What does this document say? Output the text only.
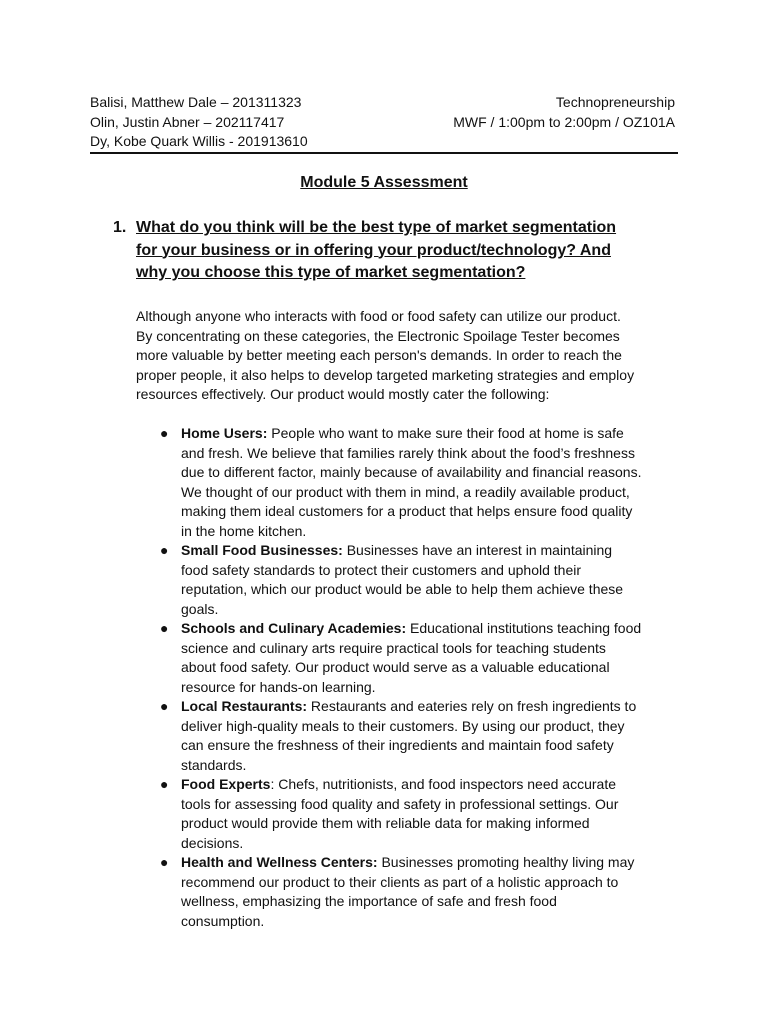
Balisi, Matthew Dale – 201311323
Olin, Justin Abner – 202117417
Dy, Kobe Quark Willis - 201913610
Technopreneurship
MWF / 1:00pm to 2:00pm / OZ101A
Module 5 Assessment
1. What do you think will be the best type of market segmentation
for your business or in offering your product/technology? And
why you choose this type of market segmentation?
Although anyone who interacts with food or food safety can utilize our product.
By concentrating on these categories, the Electronic Spoilage Tester becomes
more valuable by better meeting each person's demands. In order to reach the
proper people, it also helps to develop targeted marketing strategies and employ
resources effectively. Our product would mostly cater the following:
● Home Users: People who want to make sure their food at home is safe
and fresh. We believe that families rarely think about the food’s freshness
due to different factor, mainly because of availability and financial reasons.
We thought of our product with them in mind, a readily available product,
making them ideal customers for a product that helps ensure food quality
in the home kitchen.
● Small Food Businesses: Businesses have an interest in maintaining
food safety standards to protect their customers and uphold their
reputation, which our product would be able to help them achieve these
goals.
● Schools and Culinary Academies: Educational institutions teaching food
science and culinary arts require practical tools for teaching students
about food safety. Our product would serve as a valuable educational
resource for hands-on learning.
● Local Restaurants: Restaurants and eateries rely on fresh ingredients to
deliver high-quality meals to their customers. By using our product, they
can ensure the freshness of their ingredients and maintain food safety
standards.
● Food Experts: Chefs, nutritionists, and food inspectors need accurate
tools for assessing food quality and safety in professional settings. Our
product would provide them with reliable data for making informed
decisions.
● Health and Wellness Centers: Businesses promoting healthy living may
recommend our product to their clients as part of a holistic approach to
wellness, emphasizing the importance of safe and fresh food
consumption.
